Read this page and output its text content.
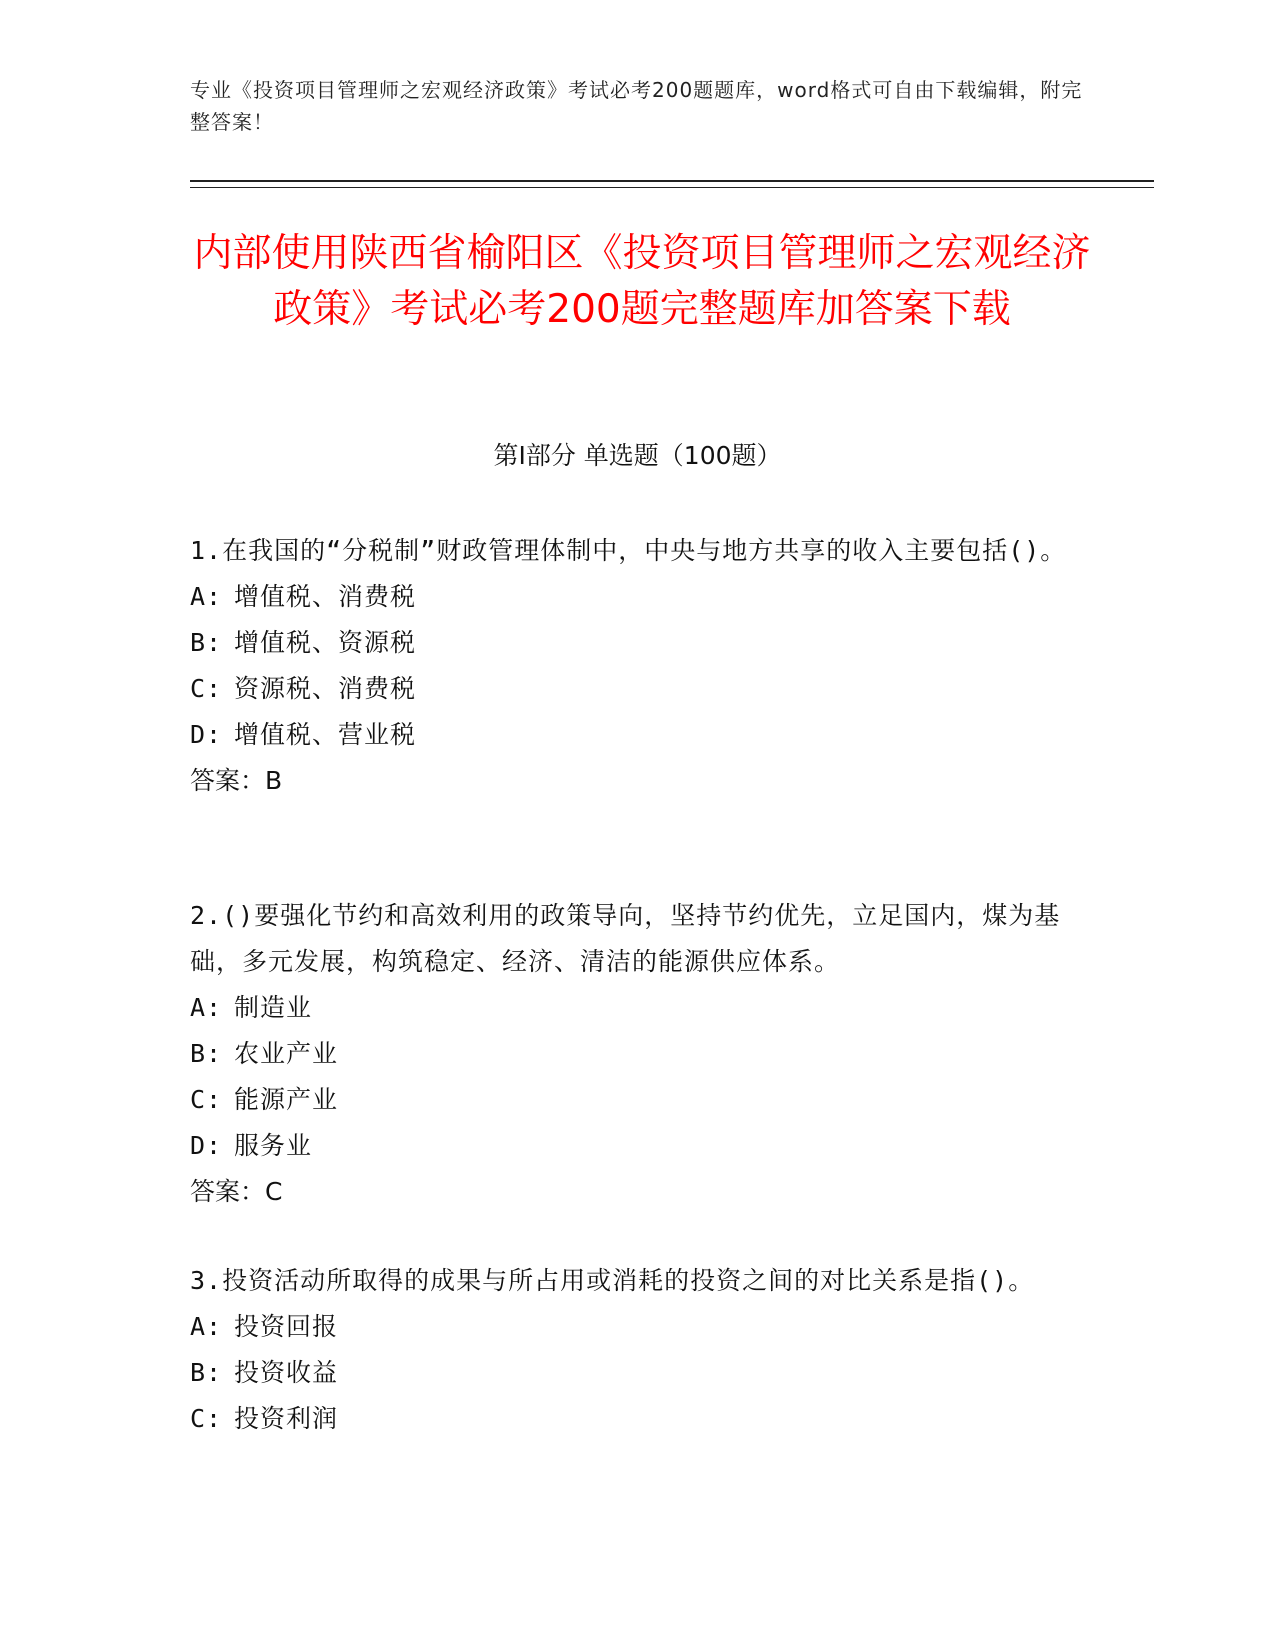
专业《投资项目管理师之宏观经济政策》考试必考200题题库，word格式可自由下载编辑，附完整答案！
内部使用陕西省榆阳区《投资项目管理师之宏观经济政策》考试必考200题完整题库加答案下载
第Ⅰ部分 单选题（100题）
1.在我国的“分税制”财政管理体制中，中央与地方共享的收入主要包括()。
A: 增值税、消费税
B: 增值税、资源税
C: 资源税、消费税
D: 增值税、营业税
答案：B
2.()要强化节约和高效利用的政策导向，坚持节约优先，立足国内，煤为基础，多元发展，构筑稳定、经济、清洁的能源供应体系。
A: 制造业
B: 农业产业
C: 能源产业
D: 服务业
答案：C
3.投资活动所取得的成果与所占用或消耗的投资之间的对比关系是指()。
A: 投资回报
B: 投资收益
C: 投资利润
